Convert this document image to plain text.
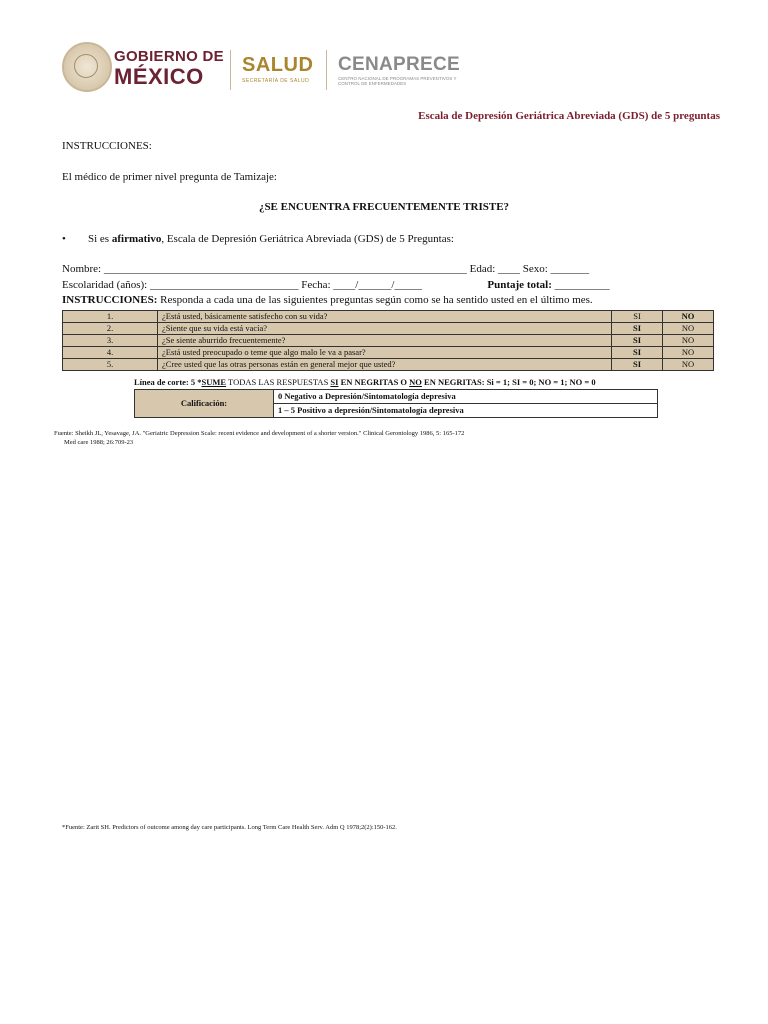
GOBIERNO DE
MÉXICO SALUD
SECRETARÍA DE SALUD
CENAPRECE
CENTRO NACIONAL DE PROGRAMAS PREVENTIVOS Y CONTROL DE ENFERMEDADES
Escala de Depresión Geriátrica Abreviada (GDS) de 5 preguntas
INSTRUCCIONES:
El médico de primer nivel pregunta de Tamizaje:
¿SE ENCUENTRA FRECUENTEMENTE TRISTE?
• Si es afirmativo, Escala de Depresión Geriátrica Abreviada (GDS) de 5 Preguntas:
Nombre: __________________________________________________________________ Edad: ____ Sexo: _______
Escolaridad (años): ___________________________ Fecha: ____/______/_____	Puntaje total: __________
INSTRUCCIONES: Responda a cada una de las siguientes preguntas según como se ha sentido usted en el último mes.
1.	¿Está usted, básicamente satisfecho con su vida?	SI	NO
2.	¿Siente que su vida está vacía?	SI	NO
3.	¿Se siente aburrido frecuentemente?	SI	NO
4.	¿Está usted preocupado o teme que algo malo le va a pasar?	SI	NO
5.	¿Cree usted que las otras personas están en general mejor que usted?	SI	NO
Línea de corte: 5 *SUME TODAS LAS RESPUESTAS SI EN NEGRITAS O NO EN NEGRITAS: Si = 1; SI = 0; NO = 1; NO = 0
Calificación:	0 Negativo a Depresión/Sintomatología depresiva
1 – 5 Positivo a depresión/Sintomatología depresiva
Fuente: Sheikh JL, Yesavage, JA. "Geriatric Depression Scale: recent evidence and development of a shorter version." Clinical Gerontology 1986, 5: 165-172
Med care 1988; 26:709-23
*Fuente: Zarit SH. Predictors of outcome among day care participants. Long Term Care Health Serv. Adm Q 1978;2(2):150-162.
